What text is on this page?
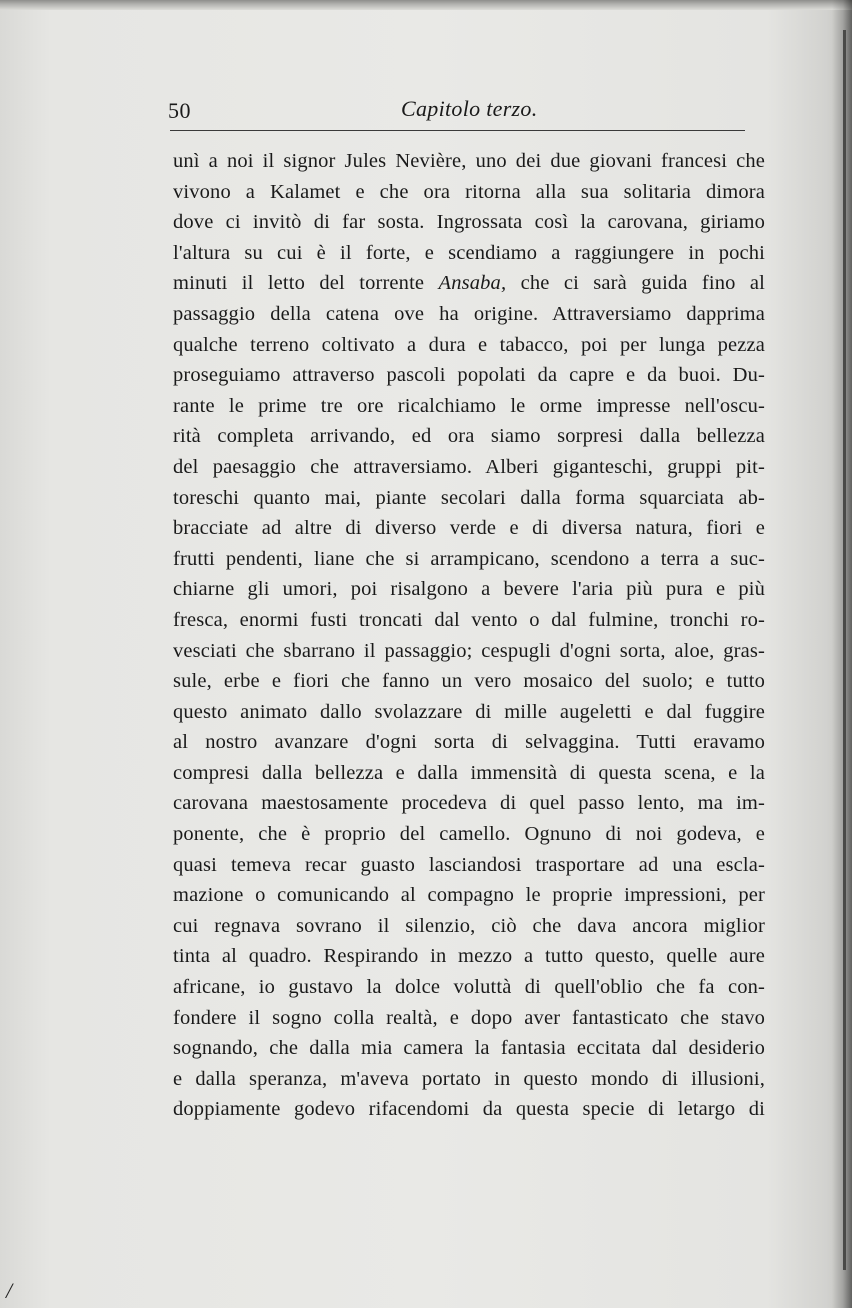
50	Capitolo terzo.
unì a noi il signor Jules Nevière, uno dei due giovani francesi che
vivono a Kalamet e che ora ritorna alla sua solitaria dimora
dove ci invitò di far sosta. Ingrossata così la carovana, giriamo
l'altura su cui è il forte, e scendiamo a raggiungere in pochi
minuti il letto del torrente Ansaba, che ci sarà guida fino al
passaggio della catena ove ha origine. Attraversiamo dapprima
qualche terreno coltivato a dura e tabacco, poi per lunga pezza
proseguiamo attraverso pascoli popolati da capre e da buoi. Du-
rante le prime tre ore ricalchiamo le orme impresse nell'oscu-
rità completa arrivando, ed ora siamo sorpresi dalla bellezza
del paesaggio che attraversiamo. Alberi giganteschi, gruppi pit-
toreschi quanto mai, piante secolari dalla forma squarciata ab-
bracciate ad altre di diverso verde e di diversa natura, fiori e
frutti pendenti, liane che si arrampicano, scendono a terra a suc-
chiarne gli umori, poi risalgono a bevere l'aria più pura e più
fresca, enormi fusti troncati dal vento o dal fulmine, tronchi ro-
vesciati che sbarrano il passaggio; cespugli d'ogni sorta, aloe, gras-
sule, erbe e fiori che fanno un vero mosaico del suolo; e tutto
questo animato dallo svolazzare di mille augeletti e dal fuggire
al nostro avanzare d'ogni sorta di selvaggina. Tutti eravamo
compresi dalla bellezza e dalla immensità di questa scena, e la
carovana maestosamente procedeva di quel passo lento, ma im-
ponente, che è proprio del camello. Ognuno di noi godeva, e
quasi temeva recar guasto lasciandosi trasportare ad una escla-
mazione o comunicando al compagno le proprie impressioni, per
cui regnava sovrano il silenzio, ciò che dava ancora miglior
tinta al quadro. Respirando in mezzo a tutto questo, quelle aure
africane, io gustavo la dolce voluttà di quell'oblio che fa con-
fondere il sogno colla realtà, e dopo aver fantasticato che stavo
sognando, che dalla mia camera la fantasia eccitata dal desiderio
e dalla speranza, m'aveva portato in questo mondo di illusioni,
doppiamente godevo rifacendomi da questa specie di letargo di
/
